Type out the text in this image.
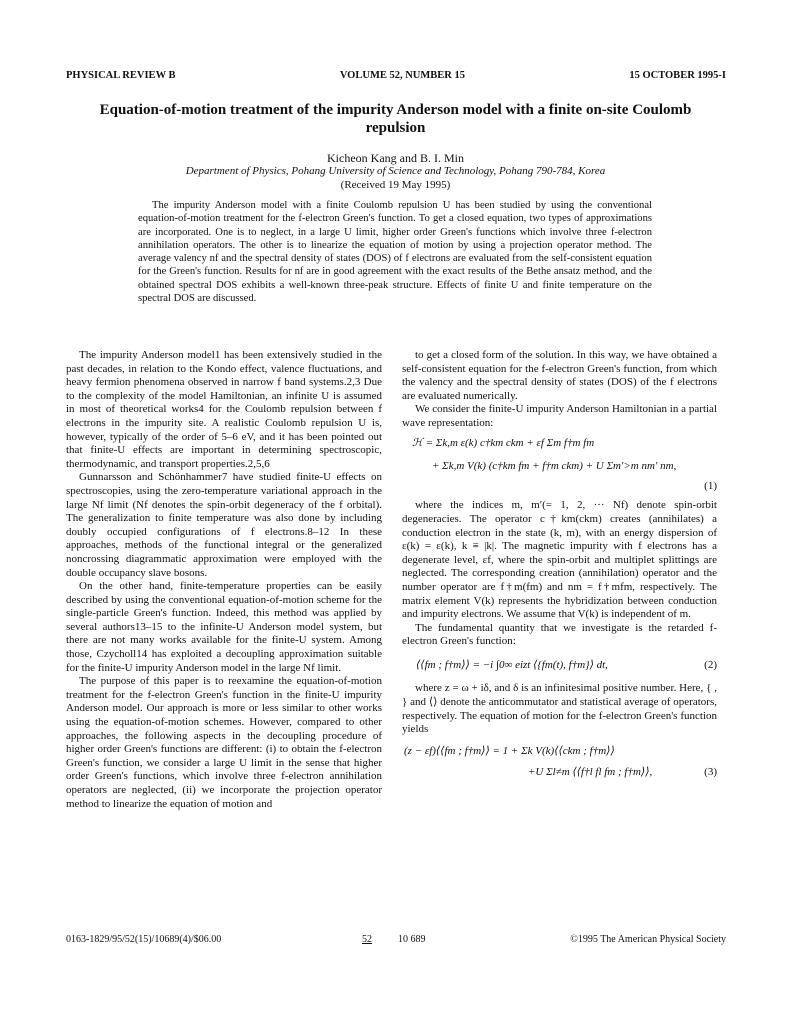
PHYSICAL REVIEW B	VOLUME 52, NUMBER 15	15 OCTOBER 1995-I
Equation-of-motion treatment of the impurity Anderson model with a finite on-site Coulomb repulsion
Kicheon Kang and B. I. Min
Department of Physics, Pohang University of Science and Technology, Pohang 790-784, Korea
(Received 19 May 1995)
The impurity Anderson model with a finite Coulomb repulsion U has been studied by using the conventional equation-of-motion treatment for the f-electron Green's function. To get a closed equation, two types of approximations are incorporated. One is to neglect, in a large U limit, higher order Green's functions which involve three f-electron annihilation operators. The other is to linearize the equation of motion by using a projection operator method. The average valency nf and the spectral density of states (DOS) of f electrons are evaluated from the self-consistent equation for the Green's function. Results for nf are in good agreement with the exact results of the Bethe ansatz method, and the obtained spectral DOS exhibits a well-known three-peak structure. Effects of finite U and finite temperature on the spectral DOS are discussed.

The impurity Anderson model1 has been extensively studied in the past decades, in relation to the Kondo effect, valence fluctuations, and heavy fermion phenomena observed in narrow f band systems.2,3 Due to the complexity of the model Hamiltonian, an infinite U is assumed in most of theoretical works4 for the Coulomb repulsion between f electrons in the impurity site. A realistic Coulomb repulsion U is, however, typically of the order of 5–6 eV, and it has been pointed out that finite-U effects are important in determining spectroscopic, thermodynamic, and transport properties.2,5,6

Gunnarsson and Schönhammer7 have studied finite-U effects on spectroscopies, using the zero-temperature variational approach in the large Nf limit (Nf denotes the spin-orbit degeneracy of the f orbital). The generalization to finite temperature was also done by including doubly occupied configurations of f electrons.8–12 In these approaches, methods of the functional integral or the generalized noncrossing diagrammatic approximation were employed with the double occupancy slave bosons.

On the other hand, finite-temperature properties can be easily described by using the conventional equation-of-motion scheme for the single-particle Green's function. Indeed, this method was applied by several authors13–15 to the infinite-U Anderson model system, but there are not many works available for the finite-U system. Among those, Czycholl14 has exploited a decoupling approximation suitable for the finite-U impurity Anderson model in the large Nf limit.

The purpose of this paper is to reexamine the equation-of-motion treatment for the f-electron Green's function in the finite-U impurity Anderson model. Our approach is more or less similar to other works using the equation-of-motion schemes. However, compared to other approaches, the following aspects in the decoupling procedure of higher order Green's functions are different: (i) to obtain the f-electron Green's function, we consider a large U limit in the sense that higher order Green's functions, which involve three f-electron annihilation operators are neglected, (ii) we incorporate the projection operator method to linearize the equation of motion and

to get a closed form of the solution. In this way, we have obtained a self-consistent equation for the f-electron Green's function, from which the valency and the spectral density of states (DOS) of the f electrons are evaluated numerically.

We consider the finite-U impurity Anderson Hamiltonian in a partial wave representation:

ℋ = Σk,m ε(k) c†km ckm + εf Σm f†m fm
+ Σk,m V(k) (c†km fm + f†m ckm) + U Σm′>m nm′ nm,
(1)

where the indices m, m′(= 1, 2, ··· Nf) denote spin-orbit degeneracies. The operator c†km(ckm) creates (annihilates) a conduction electron in the state (k, m), with an energy dispersion of ε(k) = ε(k), k ≡ |k|. The magnetic impurity with f electrons has a degenerate level, εf, where the spin-orbit and multiplet splittings are neglected. The corresponding creation (annihilation) operator and the number operator are f†m(fm) and nm = f†mfm, respectively. The matrix element V(k) represents the hybridization between conduction and impurity electrons. We assume that V(k) is independent of m.

The fundamental quantity that we investigate is the retarded f-electron Green's function:

⟨⟨fm ; f†m⟩⟩ = −i ∫0∞ eizt ⟨{fm(t), f†m}⟩ dt,	(2)

where z = ω + iδ, and δ is an infinitesimal positive number. Here, { , } and ⟨⟩ denote the anticommutator and statistical average of operators, respectively. The equation of motion for the f-electron Green's function yields

(z − εf)⟨⟨fm ; f†m⟩⟩ = 1 + Σk V(k)⟨⟨ckm ; f†m⟩⟩
+U Σl≠m ⟨⟨f†l fl fm ; f†m⟩⟩,	(3)
0163-1829/95/52(15)/10689(4)/$06.00	52	10 689	©1995 The American Physical Society
